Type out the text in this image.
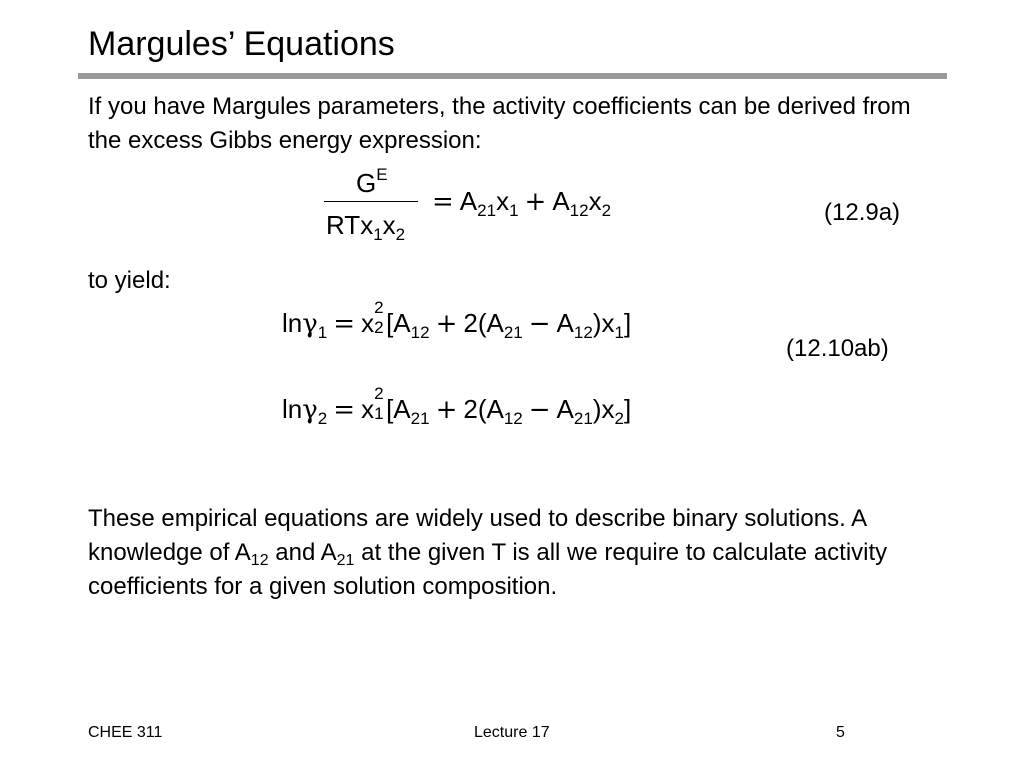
Margules’ Equations

If you have Margules parameters, the activity coefficients can be derived from the excess Gibbs energy expression:

$G^E$
$RTx_1x_2$
= $A_{21}x_1 + A_{12}x_2$	(12.9a)

to yield:

lnγ$_1$ = x
2
2 $[A_{12} + 2(A_{21} - A_{12})x_1]$
(12.10ab)
lnγ$_2$ = x
2
1 $[A_{21} + 2(A_{12} - A_{21})x_2]$

These empirical equations are widely used to describe binary solutions. A knowledge of $A_{12}$ and $A_{21}$ at the given T is all we require to calculate activity coefficients for a given solution composition.

CHEE 311	Lecture 17	5
